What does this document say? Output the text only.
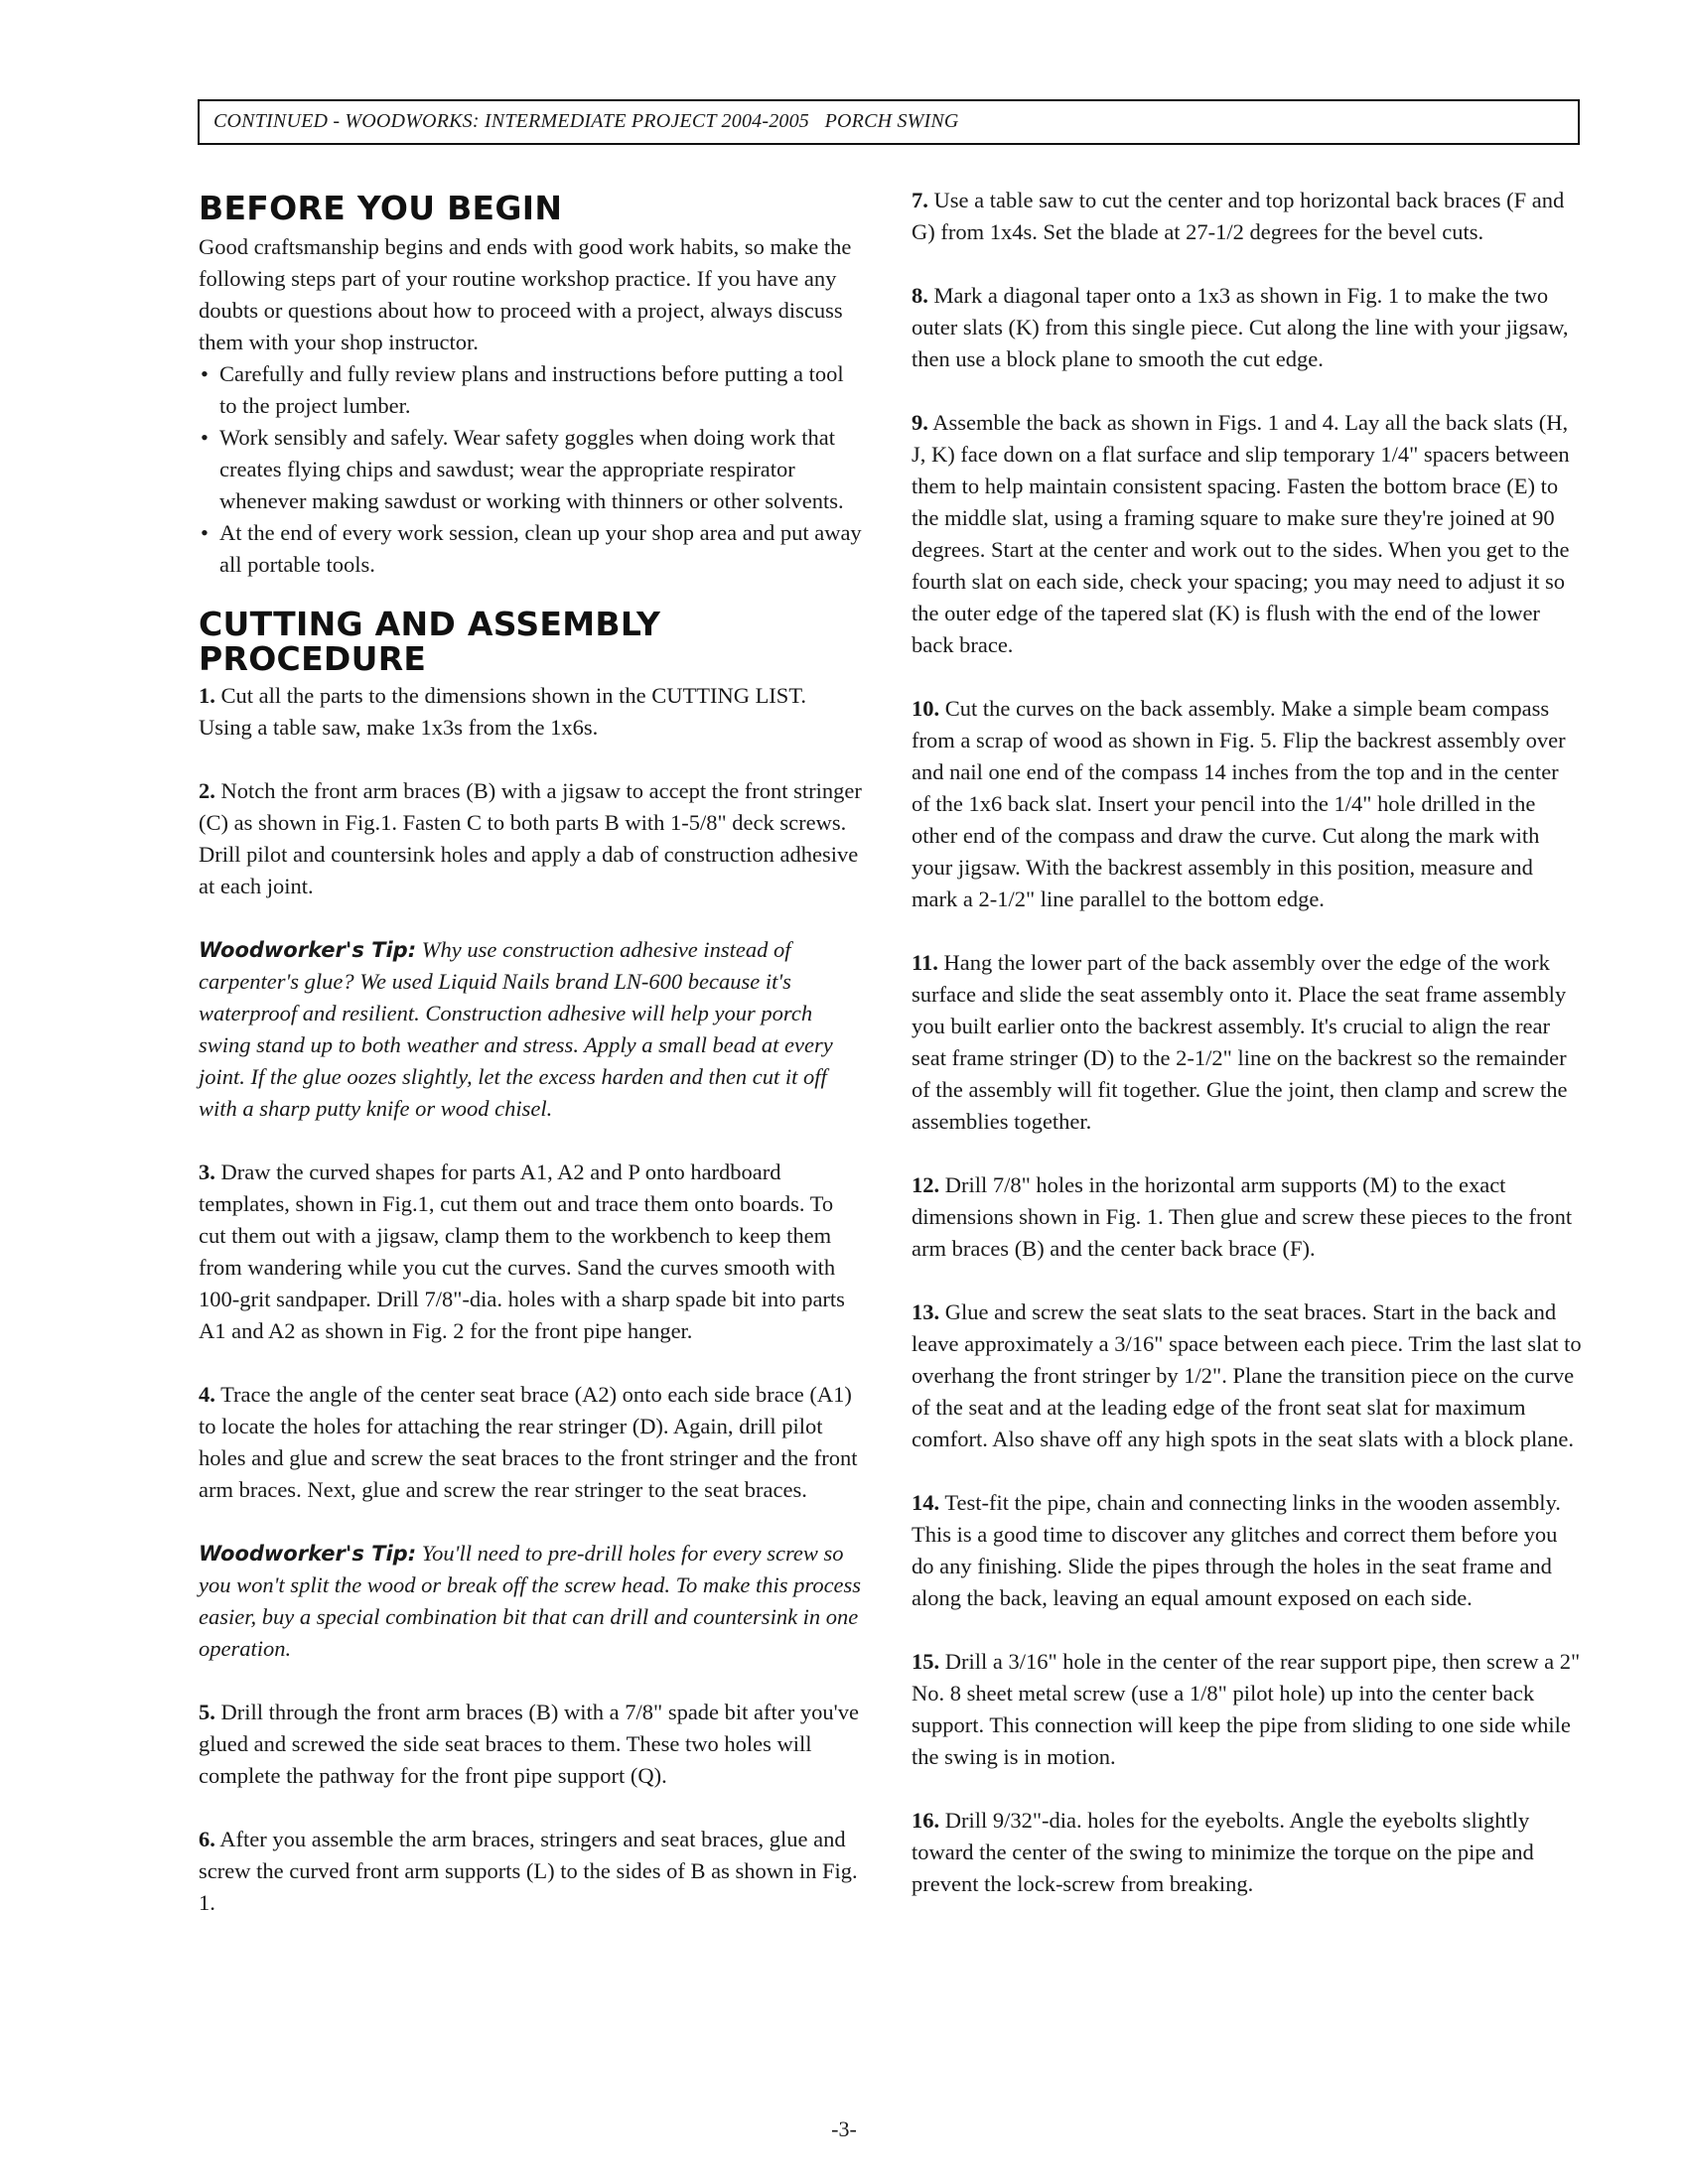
CONTINUED - WOODWORKS: INTERMEDIATE PROJECT 2004-2005   PORCH SWING
BEFORE YOU BEGIN

Good craftsmanship begins and ends with good work habits, so make the following steps part of your routine workshop practice. If you have any doubts or questions about how to proceed with a project, always discuss them with your shop instructor.

• Carefully and fully review plans and instructions before putting a tool to the project lumber.
• Work sensibly and safely. Wear safety goggles when doing work that creates flying chips and sawdust; wear the appropriate respirator whenever making sawdust or working with thinners or other solvents.
• At the end of every work session, clean up your shop area and put away all portable tools.
CUTTING AND ASSEMBLY PROCEDURE

1. Cut all the parts to the dimensions shown in the CUTTING LIST. Using a table saw, make 1x3s from the 1x6s.

2. Notch the front arm braces (B) with a jigsaw to accept the front stringer (C) as shown in Fig.1. Fasten C to both parts B with 1-5/8" deck screws. Drill pilot and countersink holes and apply a dab of construction adhesive at each joint.

Woodworker's Tip: Why use construction adhesive instead of carpenter's glue? We used Liquid Nails brand LN-600 because it's waterproof and resilient. Construction adhesive will help your porch swing stand up to both weather and stress. Apply a small bead at every joint. If the glue oozes slightly, let the excess harden and then cut it off with a sharp putty knife or wood chisel.

3. Draw the curved shapes for parts A1, A2 and P onto hardboard templates, shown in Fig.1, cut them out and trace them onto boards. To cut them out with a jigsaw, clamp them to the workbench to keep them from wandering while you cut the curves. Sand the curves smooth with 100-grit sandpaper. Drill 7/8"-dia. holes with a sharp spade bit into parts A1 and A2 as shown in Fig. 2 for the front pipe hanger.

4. Trace the angle of the center seat brace (A2) onto each side brace (A1) to locate the holes for attaching the rear stringer (D). Again, drill pilot holes and glue and screw the seat braces to the front stringer and the front arm braces. Next, glue and screw the rear stringer to the seat braces.

Woodworker's Tip: You'll need to pre-drill holes for every screw so you won't split the wood or break off the screw head. To make this process easier, buy a special combination bit that can drill and countersink in one operation.

5. Drill through the front arm braces (B) with a 7/8" spade bit after you've glued and screwed the side seat braces to them. These two holes will complete the pathway for the front pipe support (Q).

6. After you assemble the arm braces, stringers and seat braces, glue and screw the curved front arm supports (L) to the sides of B as shown in Fig. 1.

7. Use a table saw to cut the center and top horizontal back braces (F and G) from 1x4s. Set the blade at 27-1/2 degrees for the bevel cuts.

8. Mark a diagonal taper onto a 1x3 as shown in Fig. 1 to make the two outer slats (K) from this single piece. Cut along the line with your jigsaw, then use a block plane to smooth the cut edge.

9. Assemble the back as shown in Figs. 1 and 4. Lay all the back slats (H, J, K) face down on a flat surface and slip temporary 1/4" spacers between them to help maintain consistent spacing. Fasten the bottom brace (E) to the middle slat, using a framing square to make sure they're joined at 90 degrees. Start at the center and work out to the sides. When you get to the fourth slat on each side, check your spacing; you may need to adjust it so the outer edge of the tapered slat (K) is flush with the end of the lower back brace.

10. Cut the curves on the back assembly. Make a simple beam compass from a scrap of wood as shown in Fig. 5. Flip the backrest assembly over and nail one end of the compass 14 inches from the top and in the center of the 1x6 back slat. Insert your pencil into the 1/4" hole drilled in the other end of the compass and draw the curve. Cut along the mark with your jigsaw. With the backrest assembly in this position, measure and mark a 2-1/2" line parallel to the bottom edge.

11. Hang the lower part of the back assembly over the edge of the work surface and slide the seat assembly onto it. Place the seat frame assembly you built earlier onto the backrest assembly. It's crucial to align the rear seat frame stringer (D) to the 2-1/2" line on the backrest so the remainder of the assembly will fit together. Glue the joint, then clamp and screw the assemblies together.

12. Drill 7/8" holes in the horizontal arm supports (M) to the exact dimensions shown in Fig. 1. Then glue and screw these pieces to the front arm braces (B) and the center back brace (F).

13. Glue and screw the seat slats to the seat braces. Start in the back and leave approximately a 3/16" space between each piece. Trim the last slat to overhang the front stringer by 1/2". Plane the transition piece on the curve of the seat and at the leading edge of the front seat slat for maximum comfort. Also shave off any high spots in the seat slats with a block plane.

14. Test-fit the pipe, chain and connecting links in the wooden assembly. This is a good time to discover any glitches and correct them before you do any finishing. Slide the pipes through the holes in the seat frame and along the back, leaving an equal amount exposed on each side.

15. Drill a 3/16" hole in the center of the rear support pipe, then screw a 2" No. 8 sheet metal screw (use a 1/8" pilot hole) up into the center back support. This connection will keep the pipe from sliding to one side while the swing is in motion.

16. Drill 9/32"-dia. holes for the eyebolts. Angle the eyebolts slightly toward the center of the swing to minimize the torque on the pipe and prevent the lock-screw from breaking.

-3-
